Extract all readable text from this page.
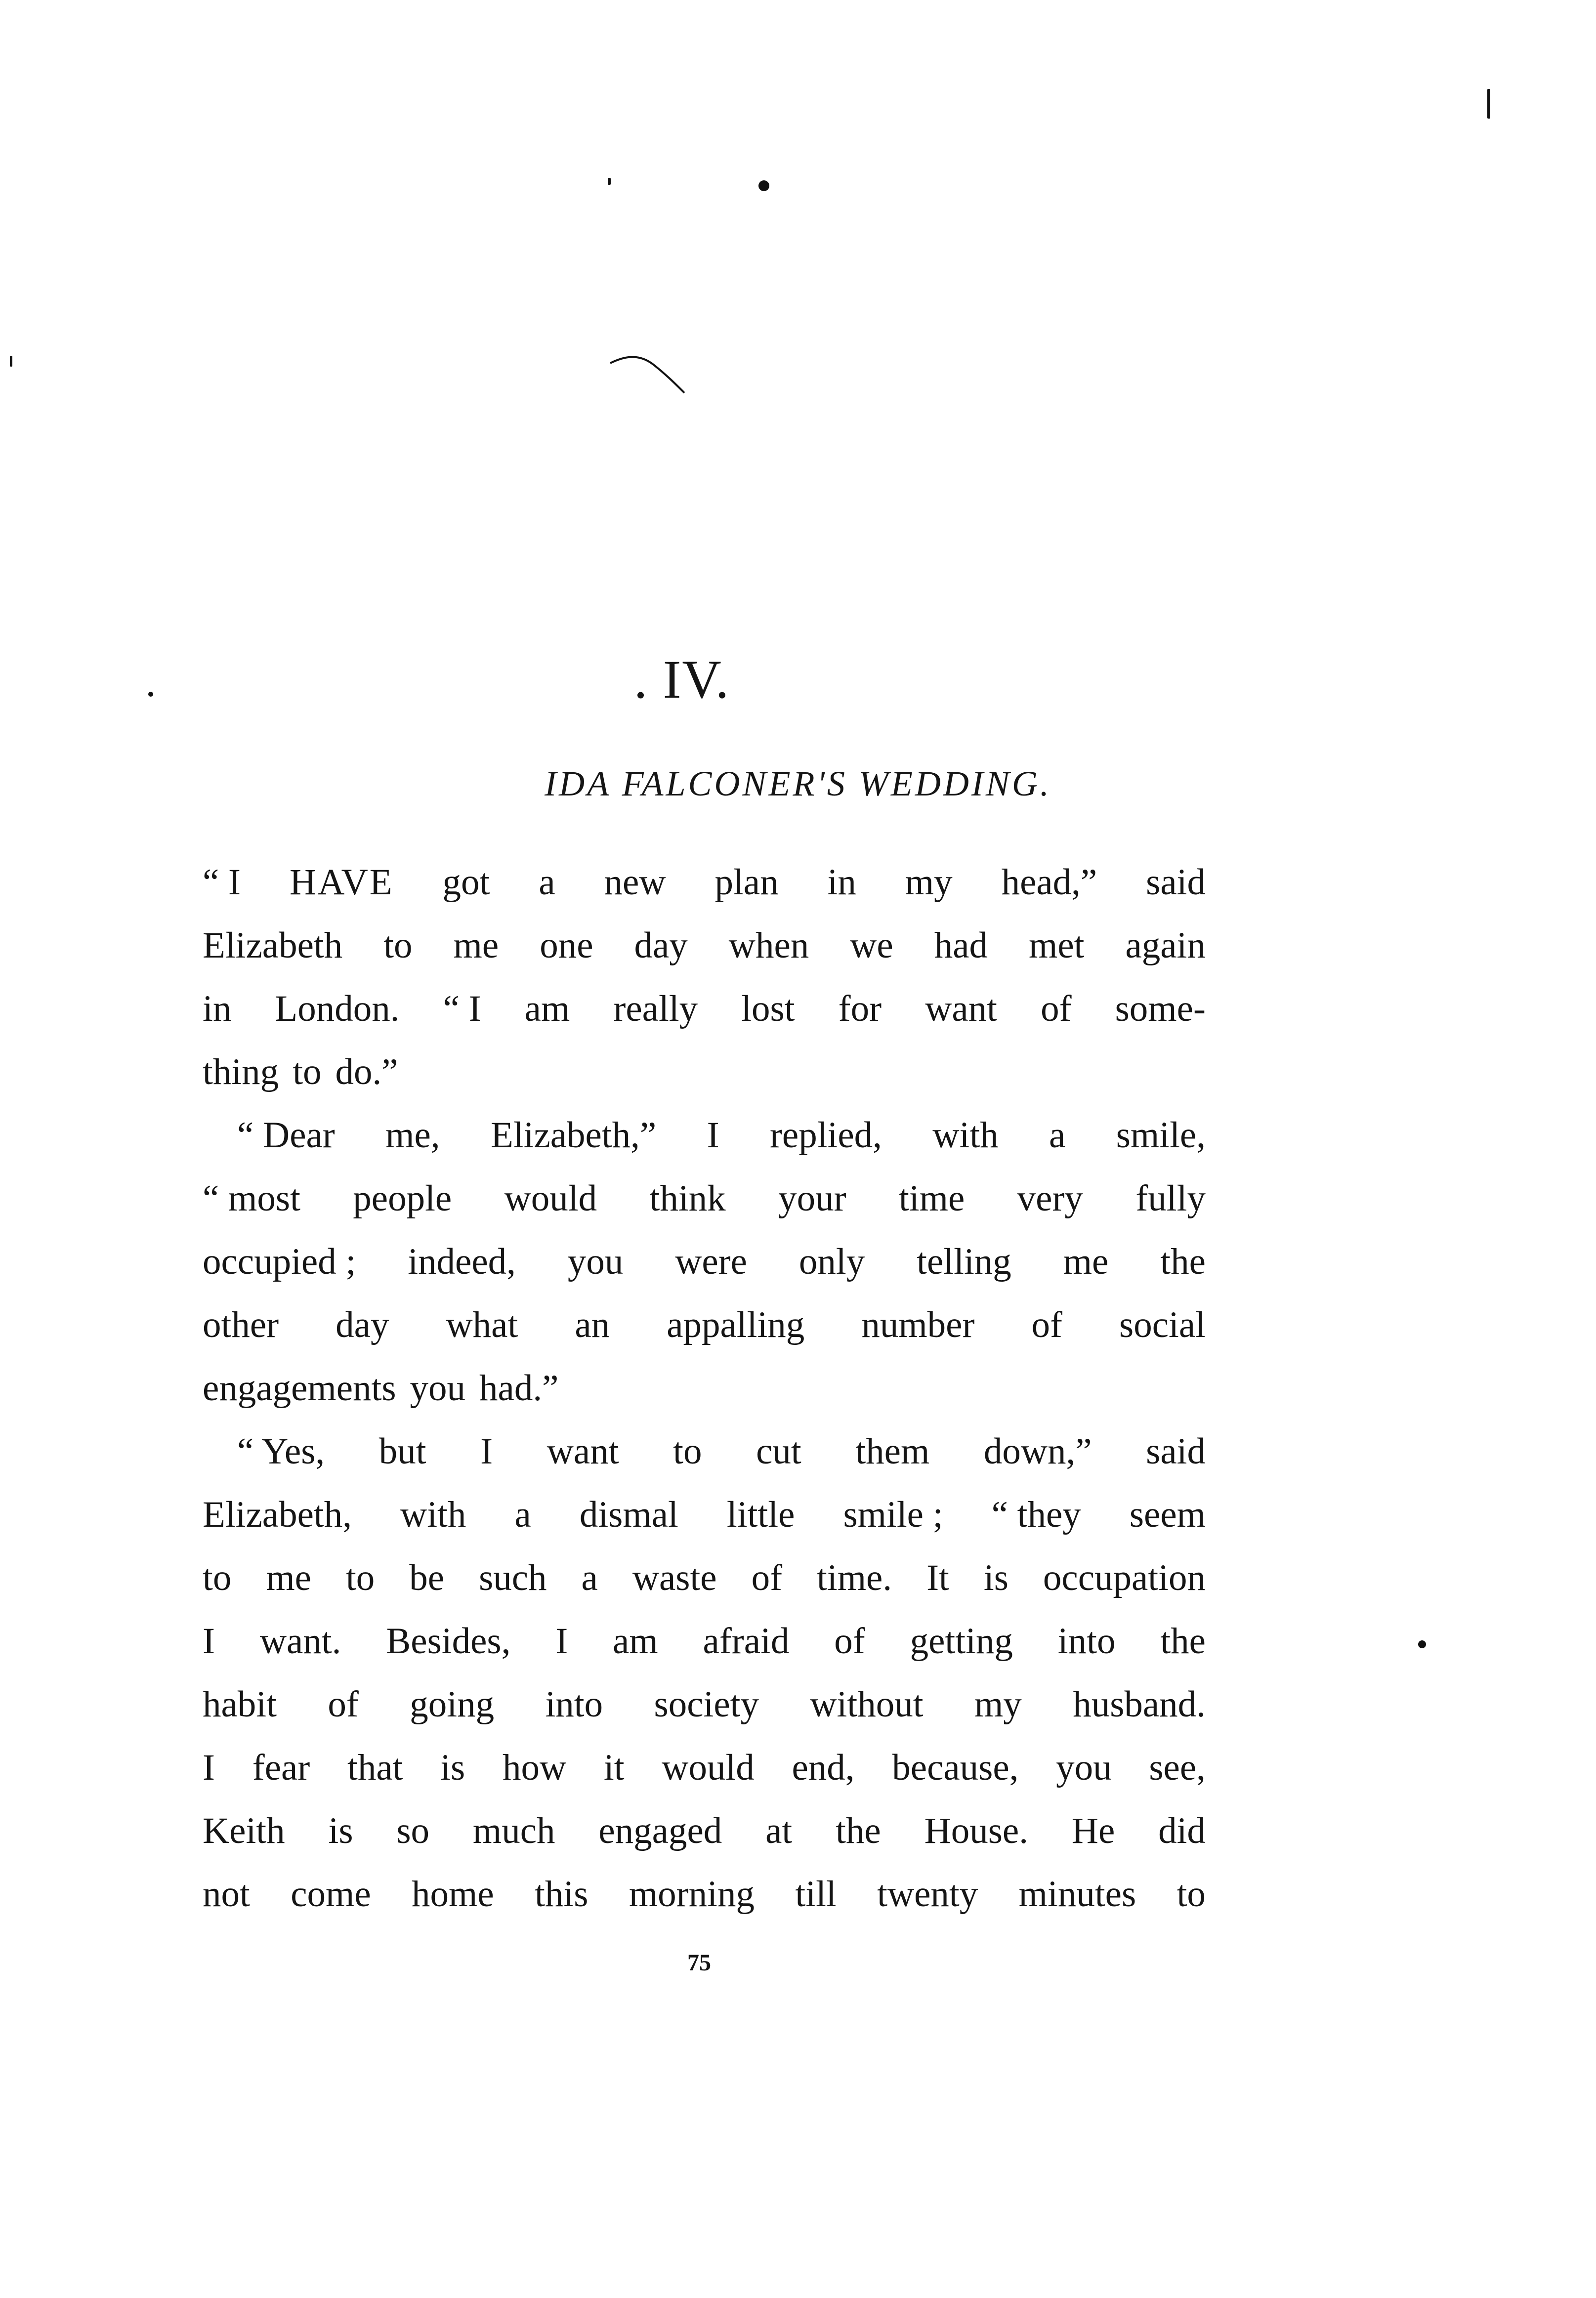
. IV.
IDA FALCONER'S WEDDING.
“ I HAVE got a new plan in my head,” said
Elizabeth to me one day when we had met again
in London. “ I am really lost for want of some-
thing to do.”
“ Dear me, Elizabeth,” I replied, with a smile,
“ most people would think your time very fully
occupied ; indeed, you were only telling me the
other day what an appalling number of social
engagements you had.”
“ Yes, but I want to cut them down,” said
Elizabeth, with a dismal little smile ; “ they seem
to me to be such a waste of time. It is occupation
I want. Besides, I am afraid of getting into the
habit of going into society without my husband.
I fear that is how it would end, because, you see,
Keith is so much engaged at the House. He did
not come home this morning till twenty minutes to
75
